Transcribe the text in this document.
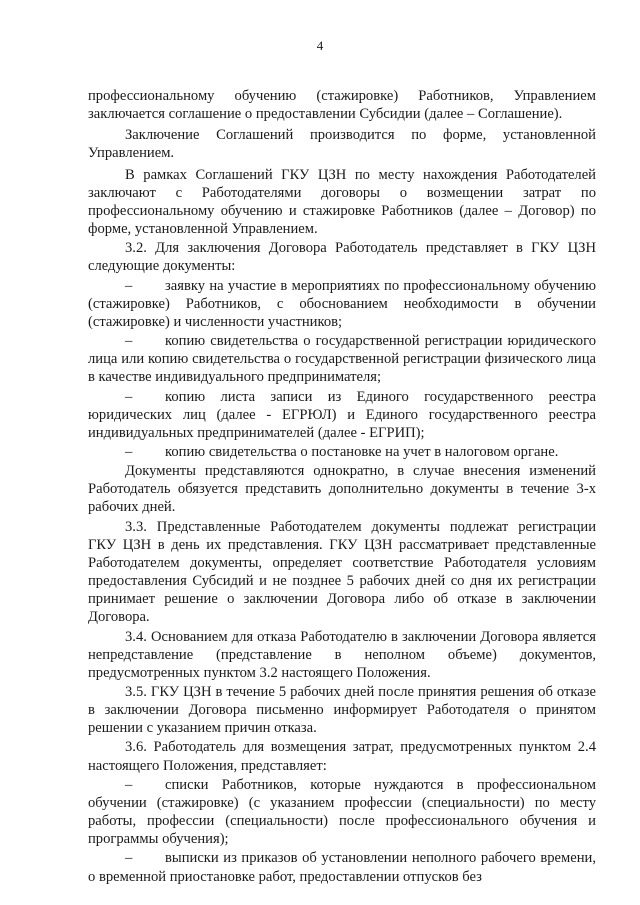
4

профессиональному обучению (стажировке) Работников, Управлением заключается соглашение о предоставлении Субсидии (далее – Соглашение).

Заключение Соглашений производится по форме, установленной Управлением.

В рамках Соглашений ГКУ ЦЗН по месту нахождения Работодателей заключают с Работодателями договоры о возмещении затрат по профессиональному обучению и стажировке Работников (далее – Договор) по форме, установленной Управлением.

3.2. Для заключения Договора Работодатель представляет в ГКУ ЦЗН следующие документы:

– заявку на участие в мероприятиях по профессиональному обучению (стажировке) Работников, с обоснованием необходимости в обучении (стажировке) и численности участников;

– копию свидетельства о государственной регистрации юридического лица или копию свидетельства о государственной регистрации физического лица в качестве индивидуального предпринимателя;

– копию листа записи из Единого государственного реестра юридических лиц (далее - ЕГРЮЛ) и Единого государственного реестра индивидуальных предпринимателей (далее - ЕГРИП);

– копию свидетельства о постановке на учет в налоговом органе.

Документы представляются однократно, в случае внесения изменений Работодатель обязуется представить дополнительно документы в течение 3-х рабочих дней.

3.3. Представленные Работодателем документы подлежат регистрации ГКУ ЦЗН в день их представления. ГКУ ЦЗН рассматривает представленные Работодателем документы, определяет соответствие Работодателя условиям предоставления Субсидий и не позднее 5 рабочих дней со дня их регистрации принимает решение о заключении Договора либо об отказе в заключении Договора.

3.4. Основанием для отказа Работодателю в заключении Договора является непредставление (представление в неполном объеме) документов, предусмотренных пунктом 3.2 настоящего Положения.

3.5. ГКУ ЦЗН в течение 5 рабочих дней после принятия решения об отказе в заключении Договора письменно информирует Работодателя о принятом решении с указанием причин отказа.

3.6. Работодатель для возмещения затрат, предусмотренных пунктом 2.4 настоящего Положения, представляет:

– списки Работников, которые нуждаются в профессиональном обучении (стажировке) (с указанием профессии (специальности) по месту работы, профессии (специальности) после профессионального обучения и программы обучения);

– выписки из приказов об установлении неполного рабочего времени, о временной приостановке работ, предоставлении отпусков без
